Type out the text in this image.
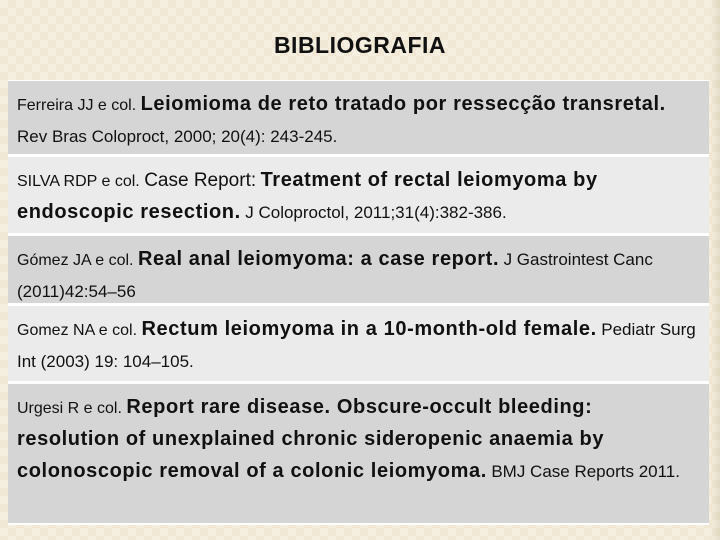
BIBLIOGRAFIA
Ferreira JJ e col. Leiomioma de reto tratado por ressecção transretal. Rev Bras Coloproct, 2000; 20(4): 243-245.
SILVA RDP e col. Case Report: Treatment of rectal leiomyoma by endoscopic resection. J Coloproctol, 2011;31(4):382-386.
Gómez JA e col. Real anal leiomyoma: a case report. J Gastrointest Canc (2011)42:54–56
Gomez NA e col. Rectum leiomyoma in a 10-month-old female. Pediatr Surg Int (2003) 19: 104–105.
Urgesi R e col. Report rare disease. Obscure-occult bleeding: resolution of unexplained chronic sideropenic anaemia by colonoscopic removal of a colonic leiomyoma. BMJ Case Reports 2011.
